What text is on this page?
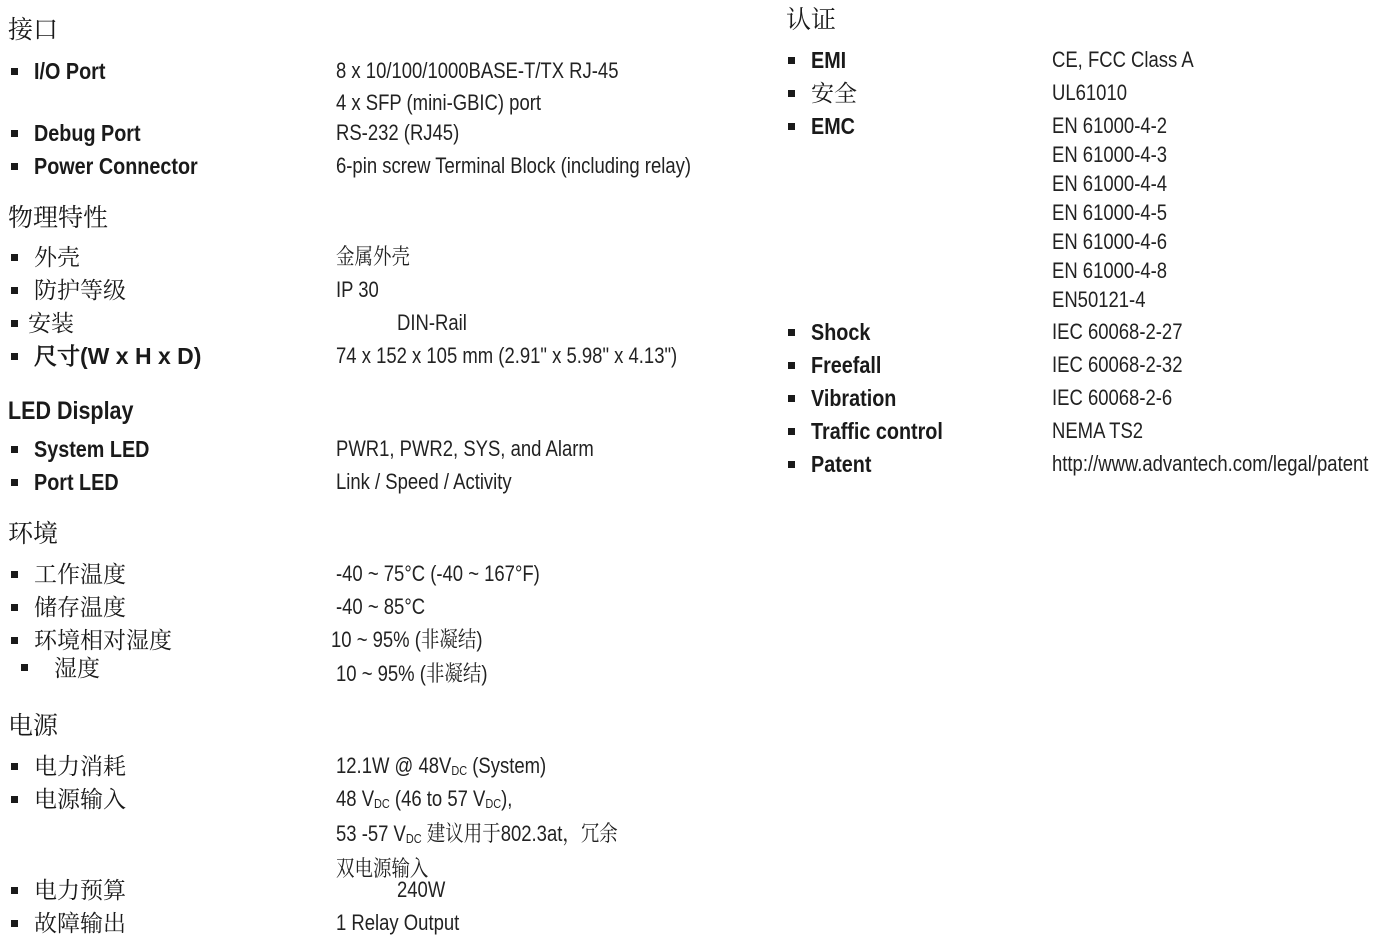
接口
I/O Port	8 x 10/100/1000BASE-T/TX RJ-45
4 x SFP (mini-GBIC) port
Debug Port	RS-232 (RJ45)
Power Connector	6-pin screw Terminal Block (including relay)
物理特性
外壳	金属外壳
防护等级	IP 30
安装	DIN-Rail
尺寸(W x H x D)	74 x 152 x 105 mm (2.91" x 5.98" x 4.13")
LED Display
System LED	PWR1, PWR2, SYS, and Alarm
Port LED	Link / Speed / Activity
环境
工作温度	-40 ~ 75°C (-40 ~ 167°F)
储存温度	-40 ~ 85°C
环境相对湿度	10 ~ 95% (非凝结)
湿度	10 ~ 95% (非凝结)
电源
电力消耗	12.1W @ 48VDC (System)
电源输入	48 VDC (46 to 57 VDC),
53 -57 VDC 建议用于802.3at，冗余
双电源输入
电力预算	240W
故障输出	1 Relay Output
认证
EMI	CE, FCC Class A
安全	UL61010
EMC	EN 61000-4-2
EN 61000-4-3
EN 61000-4-4
EN 61000-4-5
EN 61000-4-6
EN 61000-4-8
EN50121-4
Shock	IEC 60068-2-27
Freefall	IEC 60068-2-32
Vibration	IEC 60068-2-6
Traffic control	NEMA TS2
Patent	http://www.advantech.com/legal/patent
